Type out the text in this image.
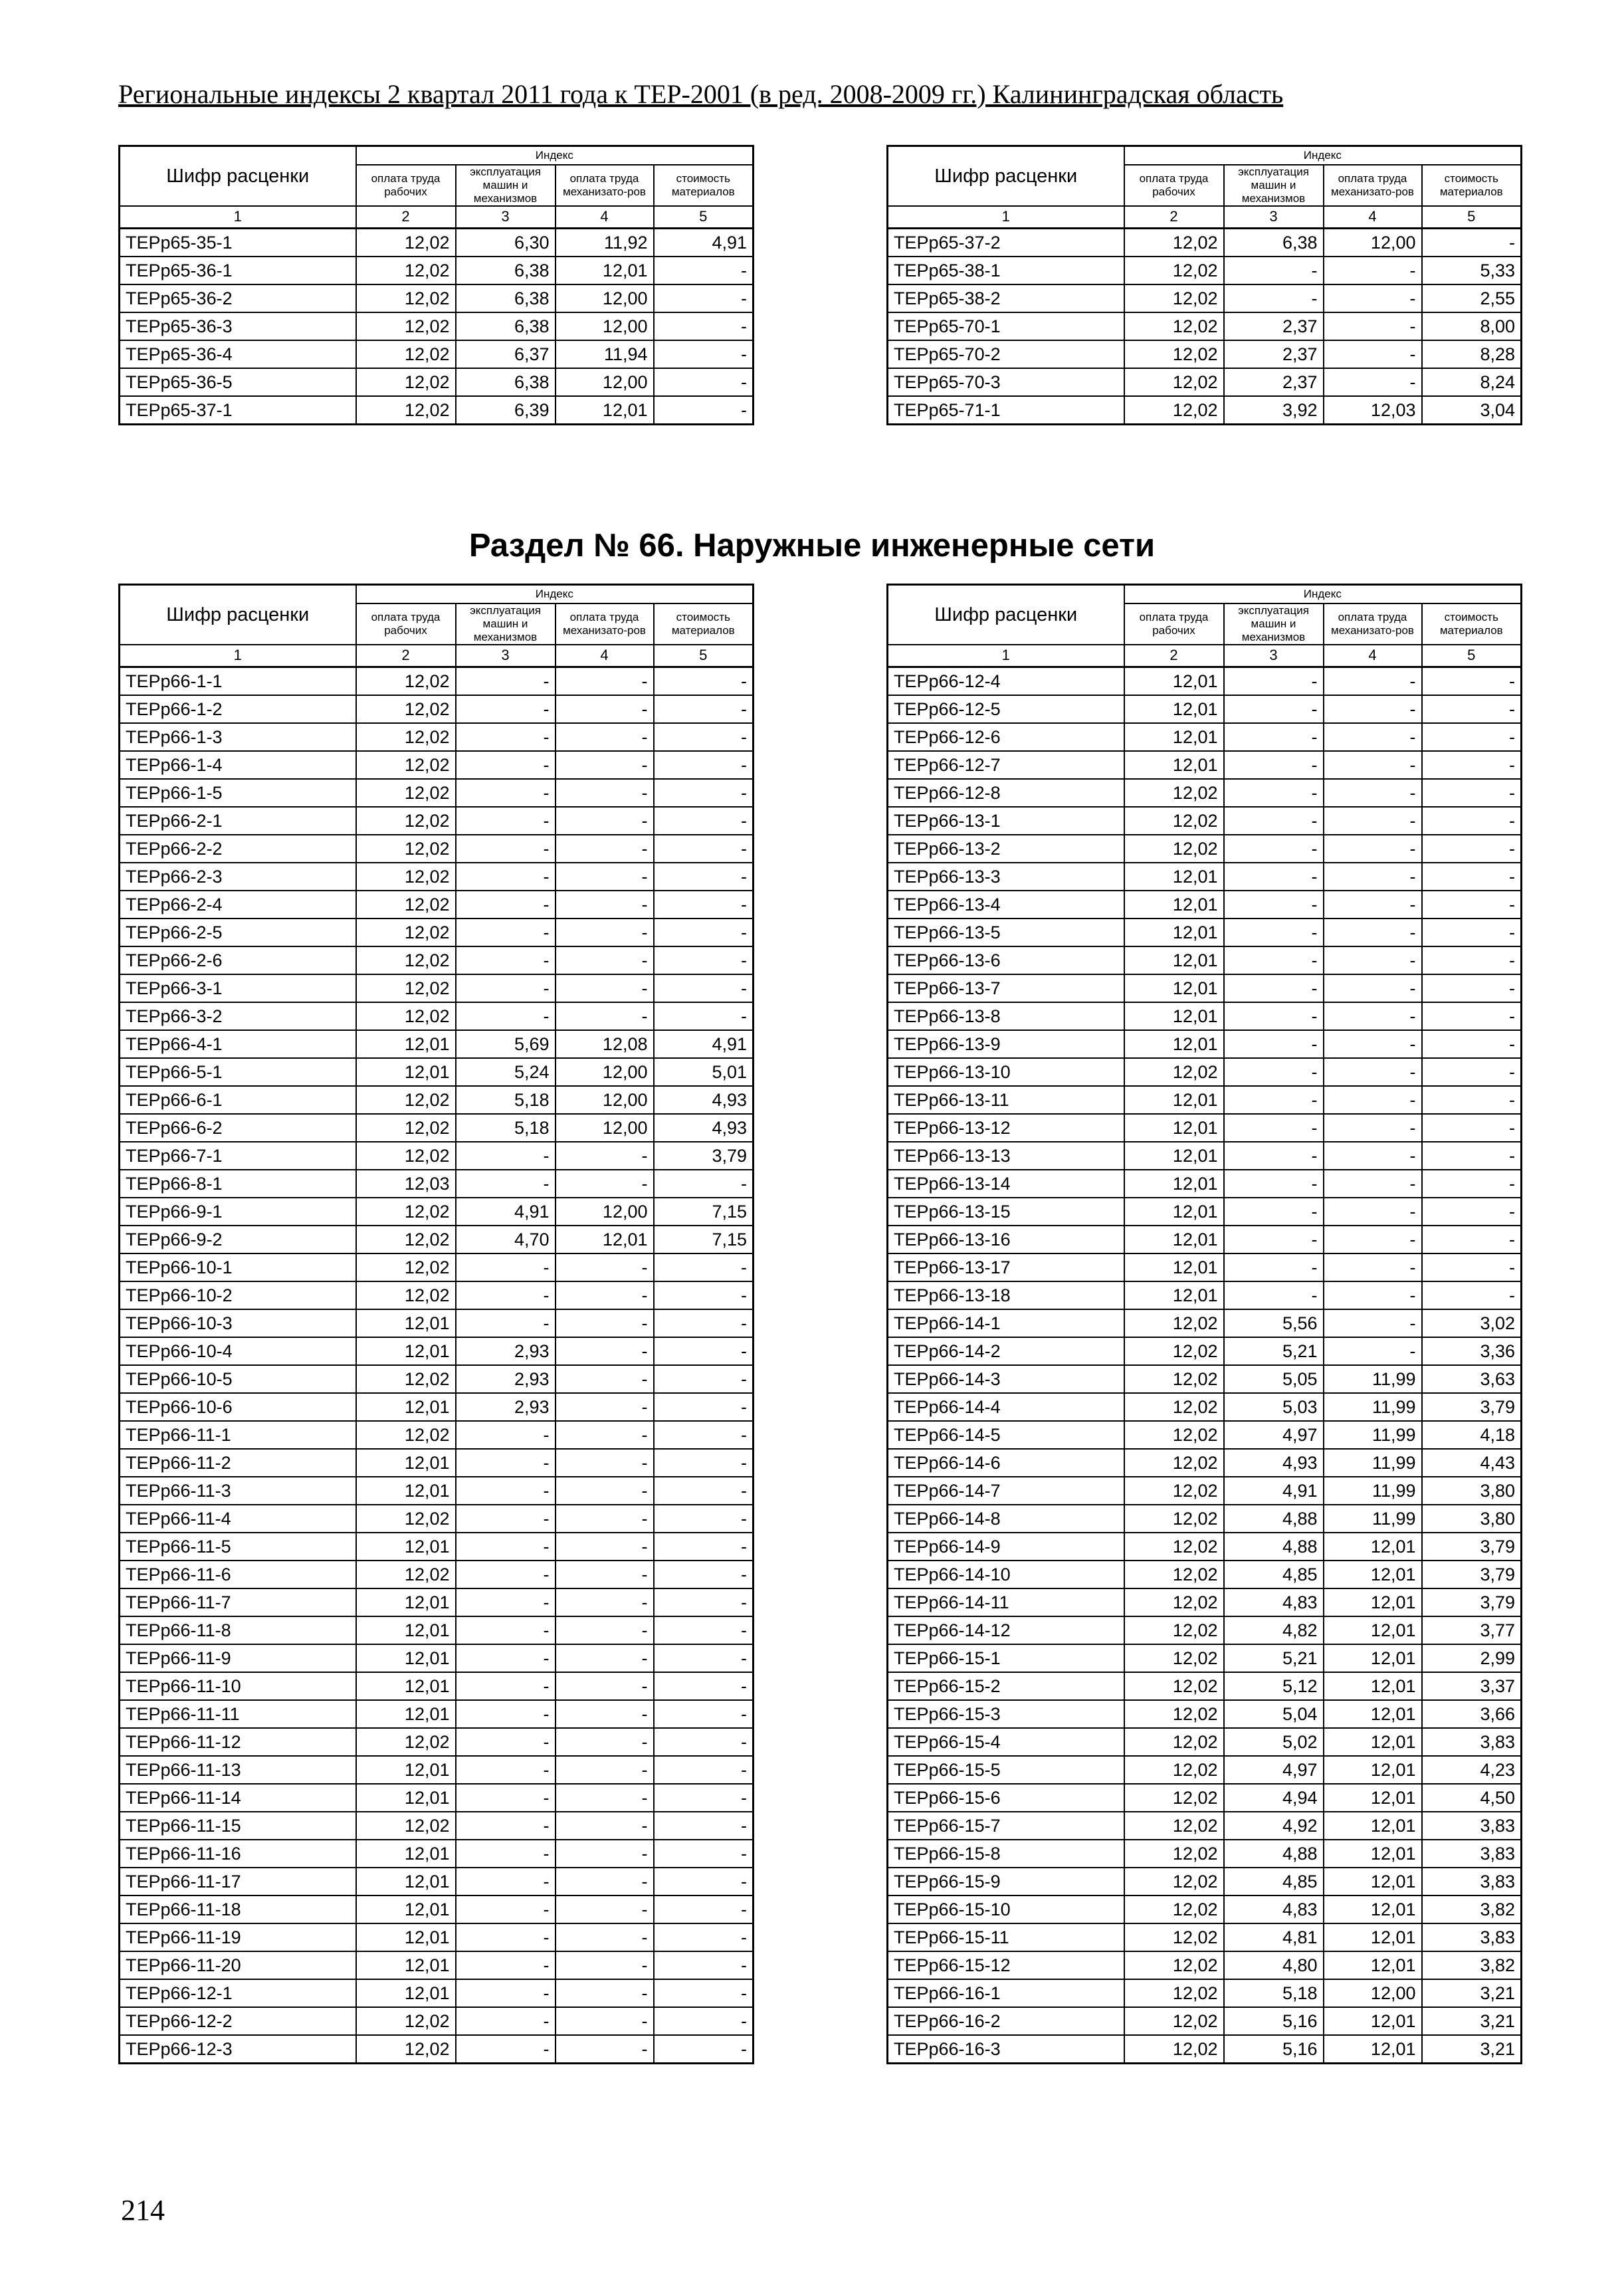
Региональные индексы 2 квартал 2011 года к ТЕР-2001 (в ред. 2008-2009 гг.) Калининградская область
Раздел № 66. Наружные инженерные сети
214
Шифр расценки	Индекс			
	оплата труда рабочих	эксплуатация машин и механизмов	оплата труда механизато-ров	стоимость материалов
1	2	3	4	5
ТЕРр65-35-1	12,02	6,30	11,92	4,91
ТЕРр65-36-1	12,02	6,38	12,01	-
ТЕРр65-36-2	12,02	6,38	12,00	-
ТЕРр65-36-3	12,02	6,38	12,00	-
ТЕРр65-36-4	12,02	6,37	11,94	-
ТЕРр65-36-5	12,02	6,38	12,00	-
ТЕРр65-37-1	12,02	6,39	12,01	-
Шифр расценки	Индекс			
	оплата труда рабочих	эксплуатация машин и механизмов	оплата труда механизато-ров	стоимость материалов
1	2	3	4	5
ТЕРр65-37-2	12,02	6,38	12,00	-
ТЕРр65-38-1	12,02	-	-	5,33
ТЕРр65-38-2	12,02	-	-	2,55
ТЕРр65-70-1	12,02	2,37	-	8,00
ТЕРр65-70-2	12,02	2,37	-	8,28
ТЕРр65-70-3	12,02	2,37	-	8,24
ТЕРр65-71-1	12,02	3,92	12,03	3,04
Шифр расценки	Индекс			
	оплата труда рабочих	эксплуатация машин и механизмов	оплата труда механизато-ров	стоимость материалов
1	2	3	4	5
ТЕРр66-1-1	12,02	-	-	-
ТЕРр66-1-2	12,02	-	-	-
ТЕРр66-1-3	12,02	-	-	-
ТЕРр66-1-4	12,02	-	-	-
ТЕРр66-1-5	12,02	-	-	-
ТЕРр66-2-1	12,02	-	-	-
ТЕРр66-2-2	12,02	-	-	-
ТЕРр66-2-3	12,02	-	-	-
ТЕРр66-2-4	12,02	-	-	-
ТЕРр66-2-5	12,02	-	-	-
ТЕРр66-2-6	12,02	-	-	-
ТЕРр66-3-1	12,02	-	-	-
ТЕРр66-3-2	12,02	-	-	-
ТЕРр66-4-1	12,01	5,69	12,08	4,91
ТЕРр66-5-1	12,01	5,24	12,00	5,01
ТЕРр66-6-1	12,02	5,18	12,00	4,93
ТЕРр66-6-2	12,02	5,18	12,00	4,93
ТЕРр66-7-1	12,02	-	-	3,79
ТЕРр66-8-1	12,03	-	-	-
ТЕРр66-9-1	12,02	4,91	12,00	7,15
ТЕРр66-9-2	12,02	4,70	12,01	7,15
ТЕРр66-10-1	12,02	-	-	-
ТЕРр66-10-2	12,02	-	-	-
ТЕРр66-10-3	12,01	-	-	-
ТЕРр66-10-4	12,01	2,93	-	-
ТЕРр66-10-5	12,02	2,93	-	-
ТЕРр66-10-6	12,01	2,93	-	-
ТЕРр66-11-1	12,02	-	-	-
ТЕРр66-11-2	12,01	-	-	-
ТЕРр66-11-3	12,01	-	-	-
ТЕРр66-11-4	12,02	-	-	-
ТЕРр66-11-5	12,01	-	-	-
ТЕРр66-11-6	12,02	-	-	-
ТЕРр66-11-7	12,01	-	-	-
ТЕРр66-11-8	12,01	-	-	-
ТЕРр66-11-9	12,01	-	-	-
ТЕРр66-11-10	12,01	-	-	-
ТЕРр66-11-11	12,01	-	-	-
ТЕРр66-11-12	12,02	-	-	-
ТЕРр66-11-13	12,01	-	-	-
ТЕРр66-11-14	12,01	-	-	-
ТЕРр66-11-15	12,02	-	-	-
ТЕРр66-11-16	12,01	-	-	-
ТЕРр66-11-17	12,01	-	-	-
ТЕРр66-11-18	12,01	-	-	-
ТЕРр66-11-19	12,01	-	-	-
ТЕРр66-11-20	12,01	-	-	-
ТЕРр66-12-1	12,01	-	-	-
ТЕРр66-12-2	12,02	-	-	-
ТЕРр66-12-3	12,02	-	-	-
Шифр расценки	Индекс			
	оплата труда рабочих	эксплуатация машин и механизмов	оплата труда механизато-ров	стоимость материалов
1	2	3	4	5
ТЕРр66-12-4	12,01	-	-	-
ТЕРр66-12-5	12,01	-	-	-
ТЕРр66-12-6	12,01	-	-	-
ТЕРр66-12-7	12,01	-	-	-
ТЕРр66-12-8	12,02	-	-	-
ТЕРр66-13-1	12,02	-	-	-
ТЕРр66-13-2	12,02	-	-	-
ТЕРр66-13-3	12,01	-	-	-
ТЕРр66-13-4	12,01	-	-	-
ТЕРр66-13-5	12,01	-	-	-
ТЕРр66-13-6	12,01	-	-	-
ТЕРр66-13-7	12,01	-	-	-
ТЕРр66-13-8	12,01	-	-	-
ТЕРр66-13-9	12,01	-	-	-
ТЕРр66-13-10	12,02	-	-	-
ТЕРр66-13-11	12,01	-	-	-
ТЕРр66-13-12	12,01	-	-	-
ТЕРр66-13-13	12,01	-	-	-
ТЕРр66-13-14	12,01	-	-	-
ТЕРр66-13-15	12,01	-	-	-
ТЕРр66-13-16	12,01	-	-	-
ТЕРр66-13-17	12,01	-	-	-
ТЕРр66-13-18	12,01	-	-	-
ТЕРр66-14-1	12,02	5,56	-	3,02
ТЕРр66-14-2	12,02	5,21	-	3,36
ТЕРр66-14-3	12,02	5,05	11,99	3,63
ТЕРр66-14-4	12,02	5,03	11,99	3,79
ТЕРр66-14-5	12,02	4,97	11,99	4,18
ТЕРр66-14-6	12,02	4,93	11,99	4,43
ТЕРр66-14-7	12,02	4,91	11,99	3,80
ТЕРр66-14-8	12,02	4,88	11,99	3,80
ТЕРр66-14-9	12,02	4,88	12,01	3,79
ТЕРр66-14-10	12,02	4,85	12,01	3,79
ТЕРр66-14-11	12,02	4,83	12,01	3,79
ТЕРр66-14-12	12,02	4,82	12,01	3,77
ТЕРр66-15-1	12,02	5,21	12,01	2,99
ТЕРр66-15-2	12,02	5,12	12,01	3,37
ТЕРр66-15-3	12,02	5,04	12,01	3,66
ТЕРр66-15-4	12,02	5,02	12,01	3,83
ТЕРр66-15-5	12,02	4,97	12,01	4,23
ТЕРр66-15-6	12,02	4,94	12,01	4,50
ТЕРр66-15-7	12,02	4,92	12,01	3,83
ТЕРр66-15-8	12,02	4,88	12,01	3,83
ТЕРр66-15-9	12,02	4,85	12,01	3,83
ТЕРр66-15-10	12,02	4,83	12,01	3,82
ТЕРр66-15-11	12,02	4,81	12,01	3,83
ТЕРр66-15-12	12,02	4,80	12,01	3,82
ТЕРр66-16-1	12,02	5,18	12,00	3,21
ТЕРр66-16-2	12,02	5,16	12,01	3,21
ТЕРр66-16-3	12,02	5,16	12,01	3,21
